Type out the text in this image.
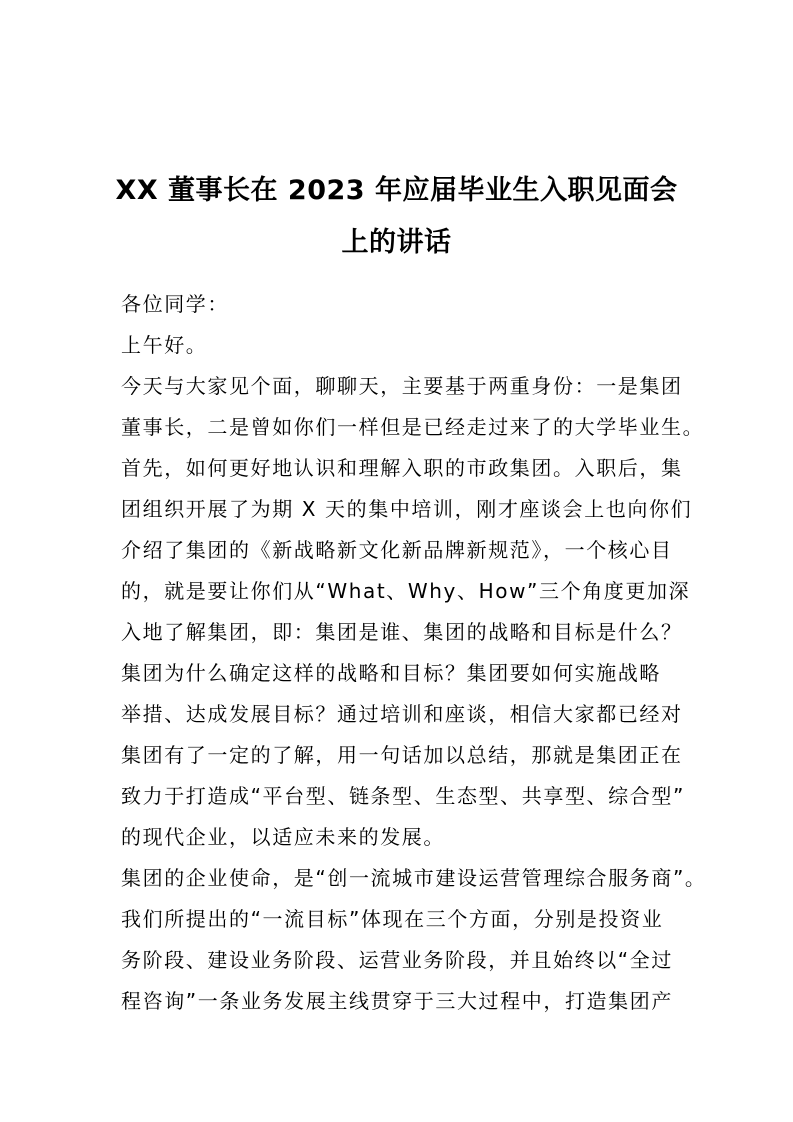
XX 董事长在 2023 年应届毕业生入职见面会
上的讲话

各位同学：

上午好。

今天与大家见个面，聊聊天，主要基于两重身份：一是集团

董事长，二是曾如你们一样但是已经走过来了的大学毕业生。

首先，如何更好地认识和理解入职的市政集团。入职后，集

团组织开展了为期 X 天的集中培训，刚才座谈会上也向你们

介绍了集团的《新战略新文化新品牌新规范》，一个核心目

的，就是要让你们从“What、Why、How”三个角度更加深

入地了解集团，即：集团是谁、集团的战略和目标是什么？

集团为什么确定这样的战略和目标？集团要如何实施战略

举措、达成发展目标？通过培训和座谈，相信大家都已经对

集团有了一定的了解，用一句话加以总结，那就是集团正在

致力于打造成“平台型、链条型、生态型、共享型、综合型”

的现代企业，以适应未来的发展。

集团的企业使命，是“创一流城市建设运营管理综合服务商”。

我们所提出的“一流目标”体现在三个方面，分别是投资业

务阶段、建设业务阶段、运营业务阶段，并且始终以“全过

程咨询”一条业务发展主线贯穿于三大过程中，打造集团产
